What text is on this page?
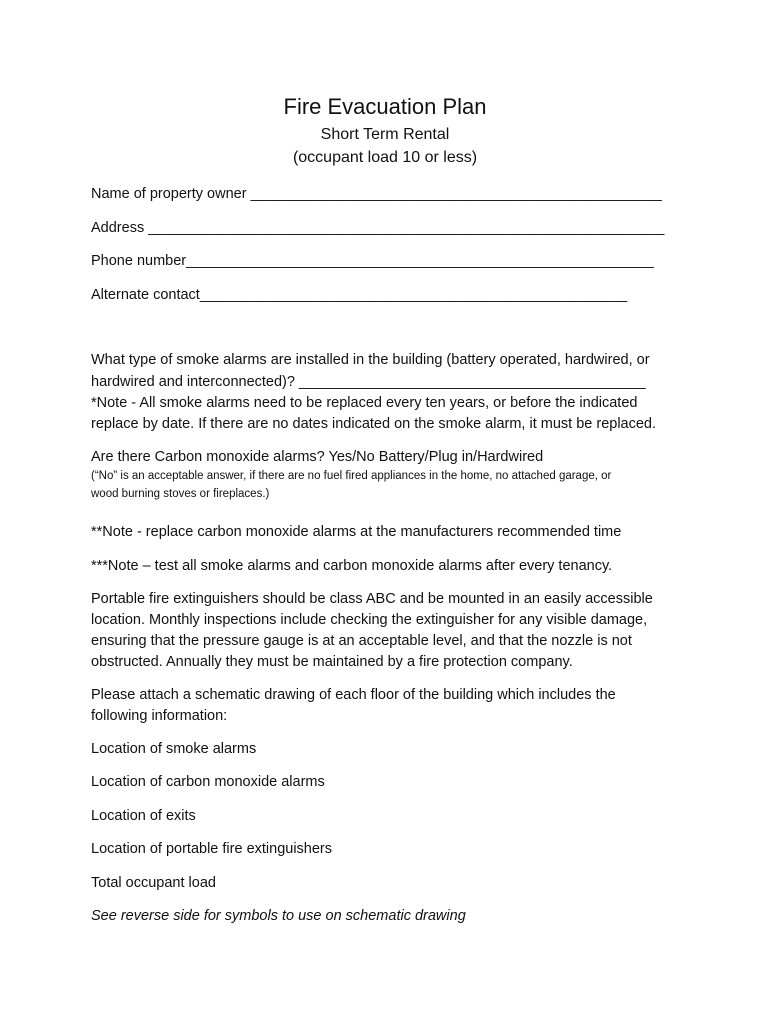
Fire Evacuation Plan

Short Term Rental

(occupant load 10 or less)

Name of property owner ___________________________________________________

Address ________________________________________________________________

Phone number__________________________________________________________

Alternate contact_____________________________________________________

What type of smoke alarms are installed in the building (battery operated, hardwired, or

hardwired and interconnected)? ___________________________________________

*Note - All smoke alarms need to be replaced every ten years, or before the indicated

replace by date. If there are no dates indicated on the smoke alarm, it must be replaced.

Are there Carbon monoxide alarms? Yes/No Battery/Plug in/Hardwired

(“No” is an acceptable answer, if there are no fuel fired appliances in the home, no attached garage, or

wood burning stoves or fireplaces.)

**Note - replace carbon monoxide alarms at the manufacturers recommended time

***Note – test all smoke alarms and carbon monoxide alarms after every tenancy.

Portable fire extinguishers should be class ABC and be mounted in an easily accessible

location. Monthly inspections include checking the extinguisher for any visible damage,

ensuring that the pressure gauge is at an acceptable level, and that the nozzle is not

obstructed. Annually they must be maintained by a fire protection company.

Please attach a schematic drawing of each floor of the building which includes the

following information:

Location of smoke alarms

Location of carbon monoxide alarms

Location of exits

Location of portable fire extinguishers

Total occupant load

See reverse side for symbols to use on schematic drawing
